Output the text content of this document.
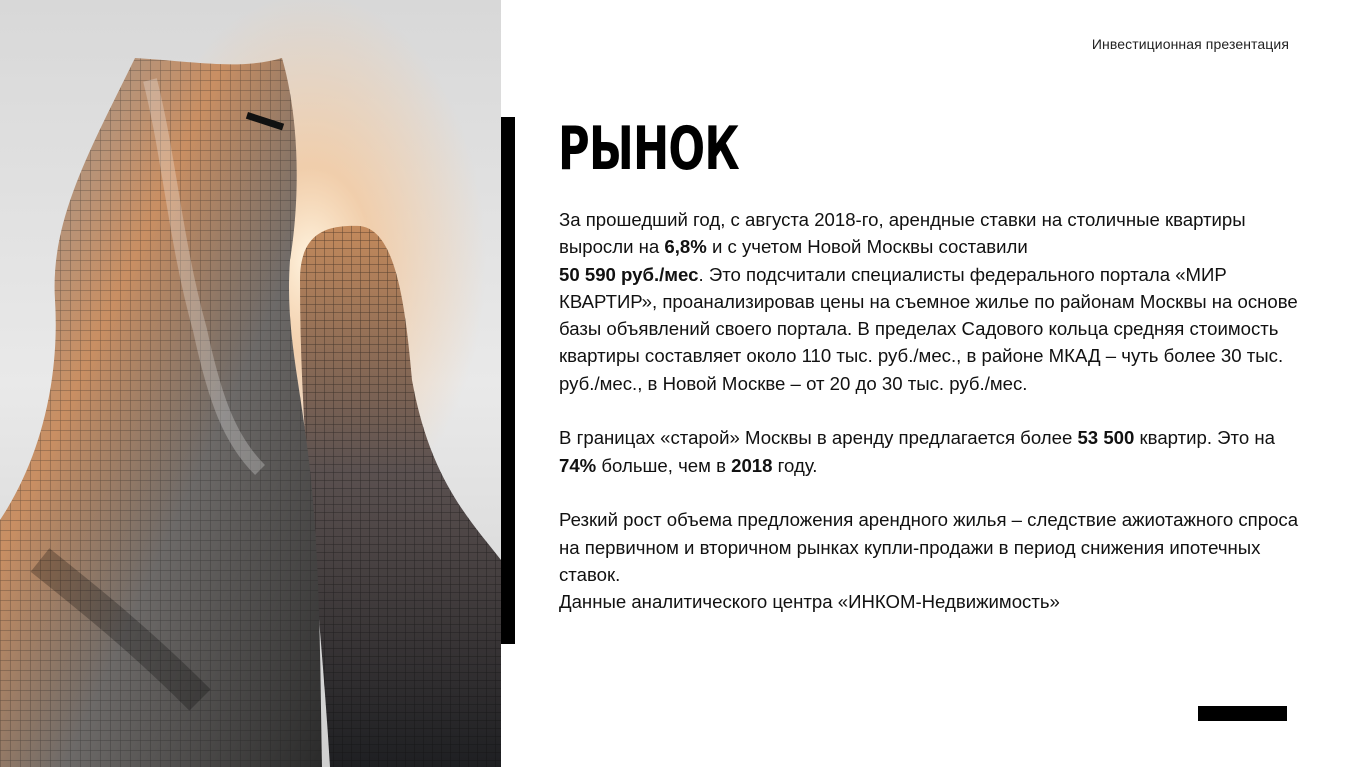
Инвестиционная презентация
РЫНОК

За прошедший год, с августа 2018-го, арендные ставки на столичные квартиры выросли на 6,8% и с учетом Новой Москвы составили
50 590 руб./мес. Это подсчитали специалисты федерального портала «МИР КВАРТИР», проанализировав цены на съемное жилье по районам Москвы на основе базы объявлений своего портала. В пределах Садового кольца средняя стоимость квартиры составляет около 110 тыс. руб./мес., в районе МКАД – чуть более 30 тыс. руб./мес., в Новой Москве – от 20 до 30 тыс. руб./мес.

В границах «старой» Москвы в аренду предлагается более 53 500 квартир. Это на 74% больше, чем в 2018 году.

Резкий рост объема предложения арендного жилья – следствие ажиотажного спроса на первичном и вторичном рынках купли-продажи в период снижения ипотечных ставок.

Данные аналитического центра «ИНКОМ-Недвижимость»
